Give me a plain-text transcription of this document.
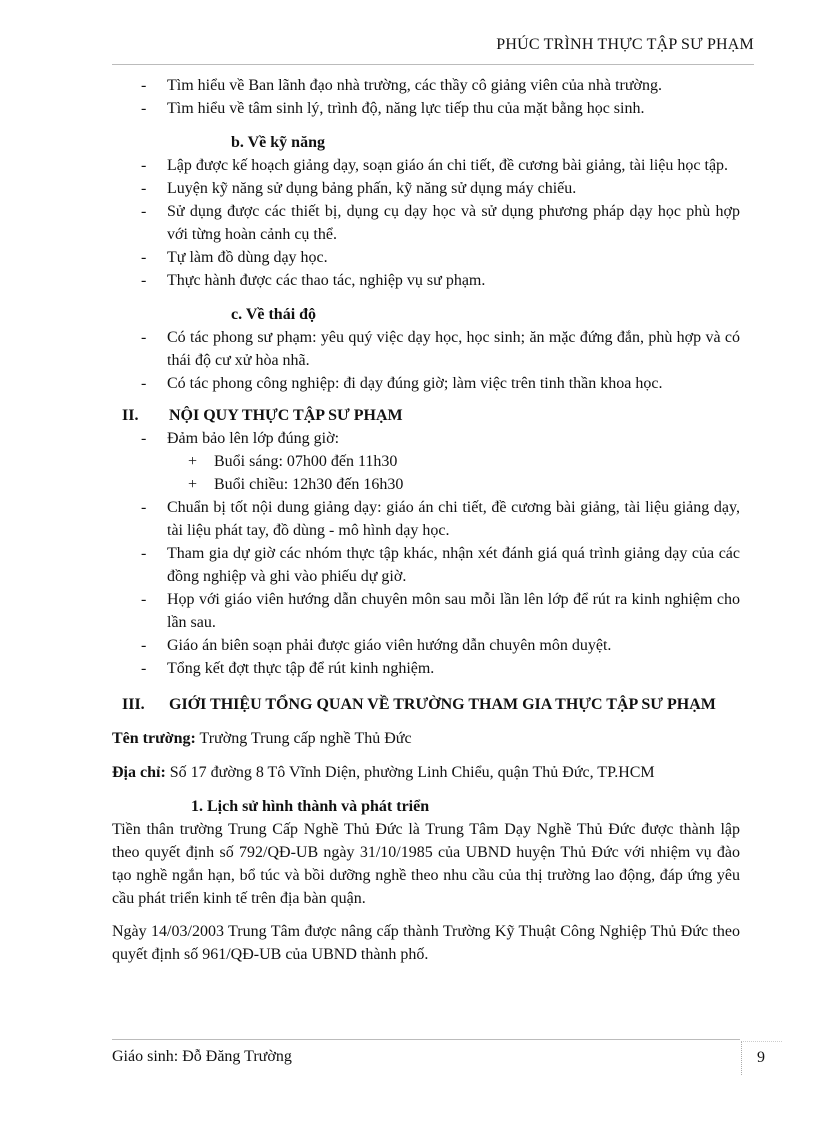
PHÚC TRÌNH THỰC TẬP SƯ PHẠM
- Tìm hiểu về Ban lãnh đạo nhà trường, các thầy cô giảng viên của nhà trường.
- Tìm hiểu về tâm sinh lý, trình độ, năng lực tiếp thu của mặt bằng học sinh.
b. Về kỹ năng
- Lập được kế hoạch giảng dạy, soạn giáo án chi tiết, đề cương bài giảng, tài liệu học tập.
- Luyện kỹ năng sử dụng bảng phấn, kỹ năng sử dụng máy chiếu.
- Sử dụng được các thiết bị, dụng cụ dạy học và sử dụng phương pháp dạy học phù hợp với từng hoàn cảnh cụ thể.
- Tự làm đồ dùng dạy học.
- Thực hành được các thao tác, nghiệp vụ sư phạm.
c. Về thái độ
- Có tác phong sư phạm: yêu quý việc dạy học, học sinh; ăn mặc đứng đắn, phù hợp và có thái độ cư xử hòa nhã.
- Có tác phong công nghiệp: đi dạy đúng giờ; làm việc trên tinh thần khoa học.
II. NỘI QUY THỰC TẬP SƯ PHẠM
- Đảm bảo lên lớp đúng giờ:
+ Buổi sáng: 07h00 đến 11h30
+ Buổi chiều: 12h30 đến 16h30
- Chuẩn bị tốt nội dung giảng dạy: giáo án chi tiết, đề cương bài giảng, tài liệu giảng dạy, tài liệu phát tay, đồ dùng - mô hình dạy học.
- Tham gia dự giờ các nhóm thực tập khác, nhận xét đánh giá quá trình giảng dạy của các đồng nghiệp và ghi vào phiếu dự giờ.
- Họp với giáo viên hướng dẫn chuyên môn sau mỗi lần lên lớp để rút ra kinh nghiệm cho lần sau.
- Giáo án biên soạn phải được giáo viên hướng dẫn chuyên môn duyệt.
- Tổng kết đợt thực tập để rút kinh nghiệm.
III. GIỚI THIỆU TỔNG QUAN VỀ TRƯỜNG THAM GIA THỰC TẬP SƯ PHẠM
Tên trường: Trường Trung cấp nghề Thủ Đức
Địa chỉ: Số 17 đường 8 Tô Vĩnh Diện, phường Linh Chiểu, quận Thủ Đức, TP.HCM
1. Lịch sử hình thành và phát triển
Tiền thân trường Trung Cấp Nghề Thủ Đức là Trung Tâm Dạy Nghề Thủ Đức được thành lập theo quyết định số 792/QĐ-UB ngày 31/10/1985 của UBND huyện Thủ Đức với nhiệm vụ đào tạo nghề ngắn hạn, bổ túc và bồi dưỡng nghề theo nhu cầu của thị trường lao động, đáp ứng yêu cầu phát triển kinh tế trên địa bàn quận.
Ngày 14/03/2003 Trung Tâm được nâng cấp thành Trường Kỹ Thuật Công Nghiệp Thủ Đức theo quyết định số 961/QĐ-UB của UBND thành phố.
Giáo sinh: Đỗ Đăng Trường	9
